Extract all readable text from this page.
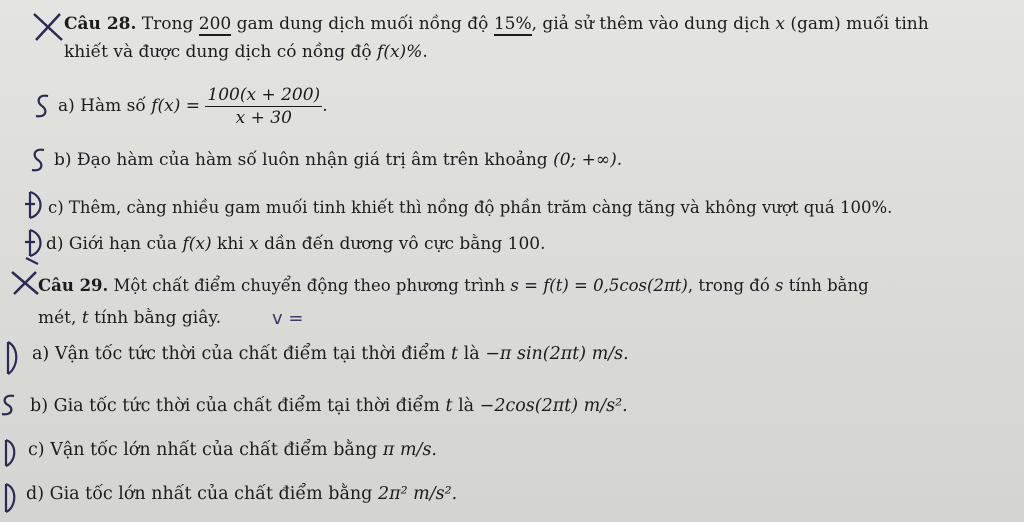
Câu 28. Trong 200 gam dung dịch muối nồng độ 15%, giả sử thêm vào dung dịch x (gam) muối tinh
khiết và được dung dịch có nồng độ f(x)%.
a) Hàm số $f(x) = \frac{100(x + 200)}{x + 30}$ .
b) Đạo hàm của hàm số luôn nhận giá trị âm trên khoảng (0; +∞).
c) Thêm, càng nhiều gam muối tinh khiết thì nồng độ phần trăm càng tăng và không vượt quá 100%.
d) Giới hạn của f(x) khi x dần đến dương vô cực bằng 100.
Câu 29. Một chất điểm chuyển động theo phương trình s = f(t) = 0,5cos(2πt), trong đó s tính bằng
mét, t tính bằng giây.	v =
a) Vận tốc tức thời của chất điểm tại thời điểm t là −π sin(2πt) m/s.
b) Gia tốc tức thời của chất điểm tại thời điểm t là −2cos(2πt) m/s².
c) Vận tốc lớn nhất của chất điểm bằng π m/s.
d) Gia tốc lớn nhất của chất điểm bằng 2π² m/s².
